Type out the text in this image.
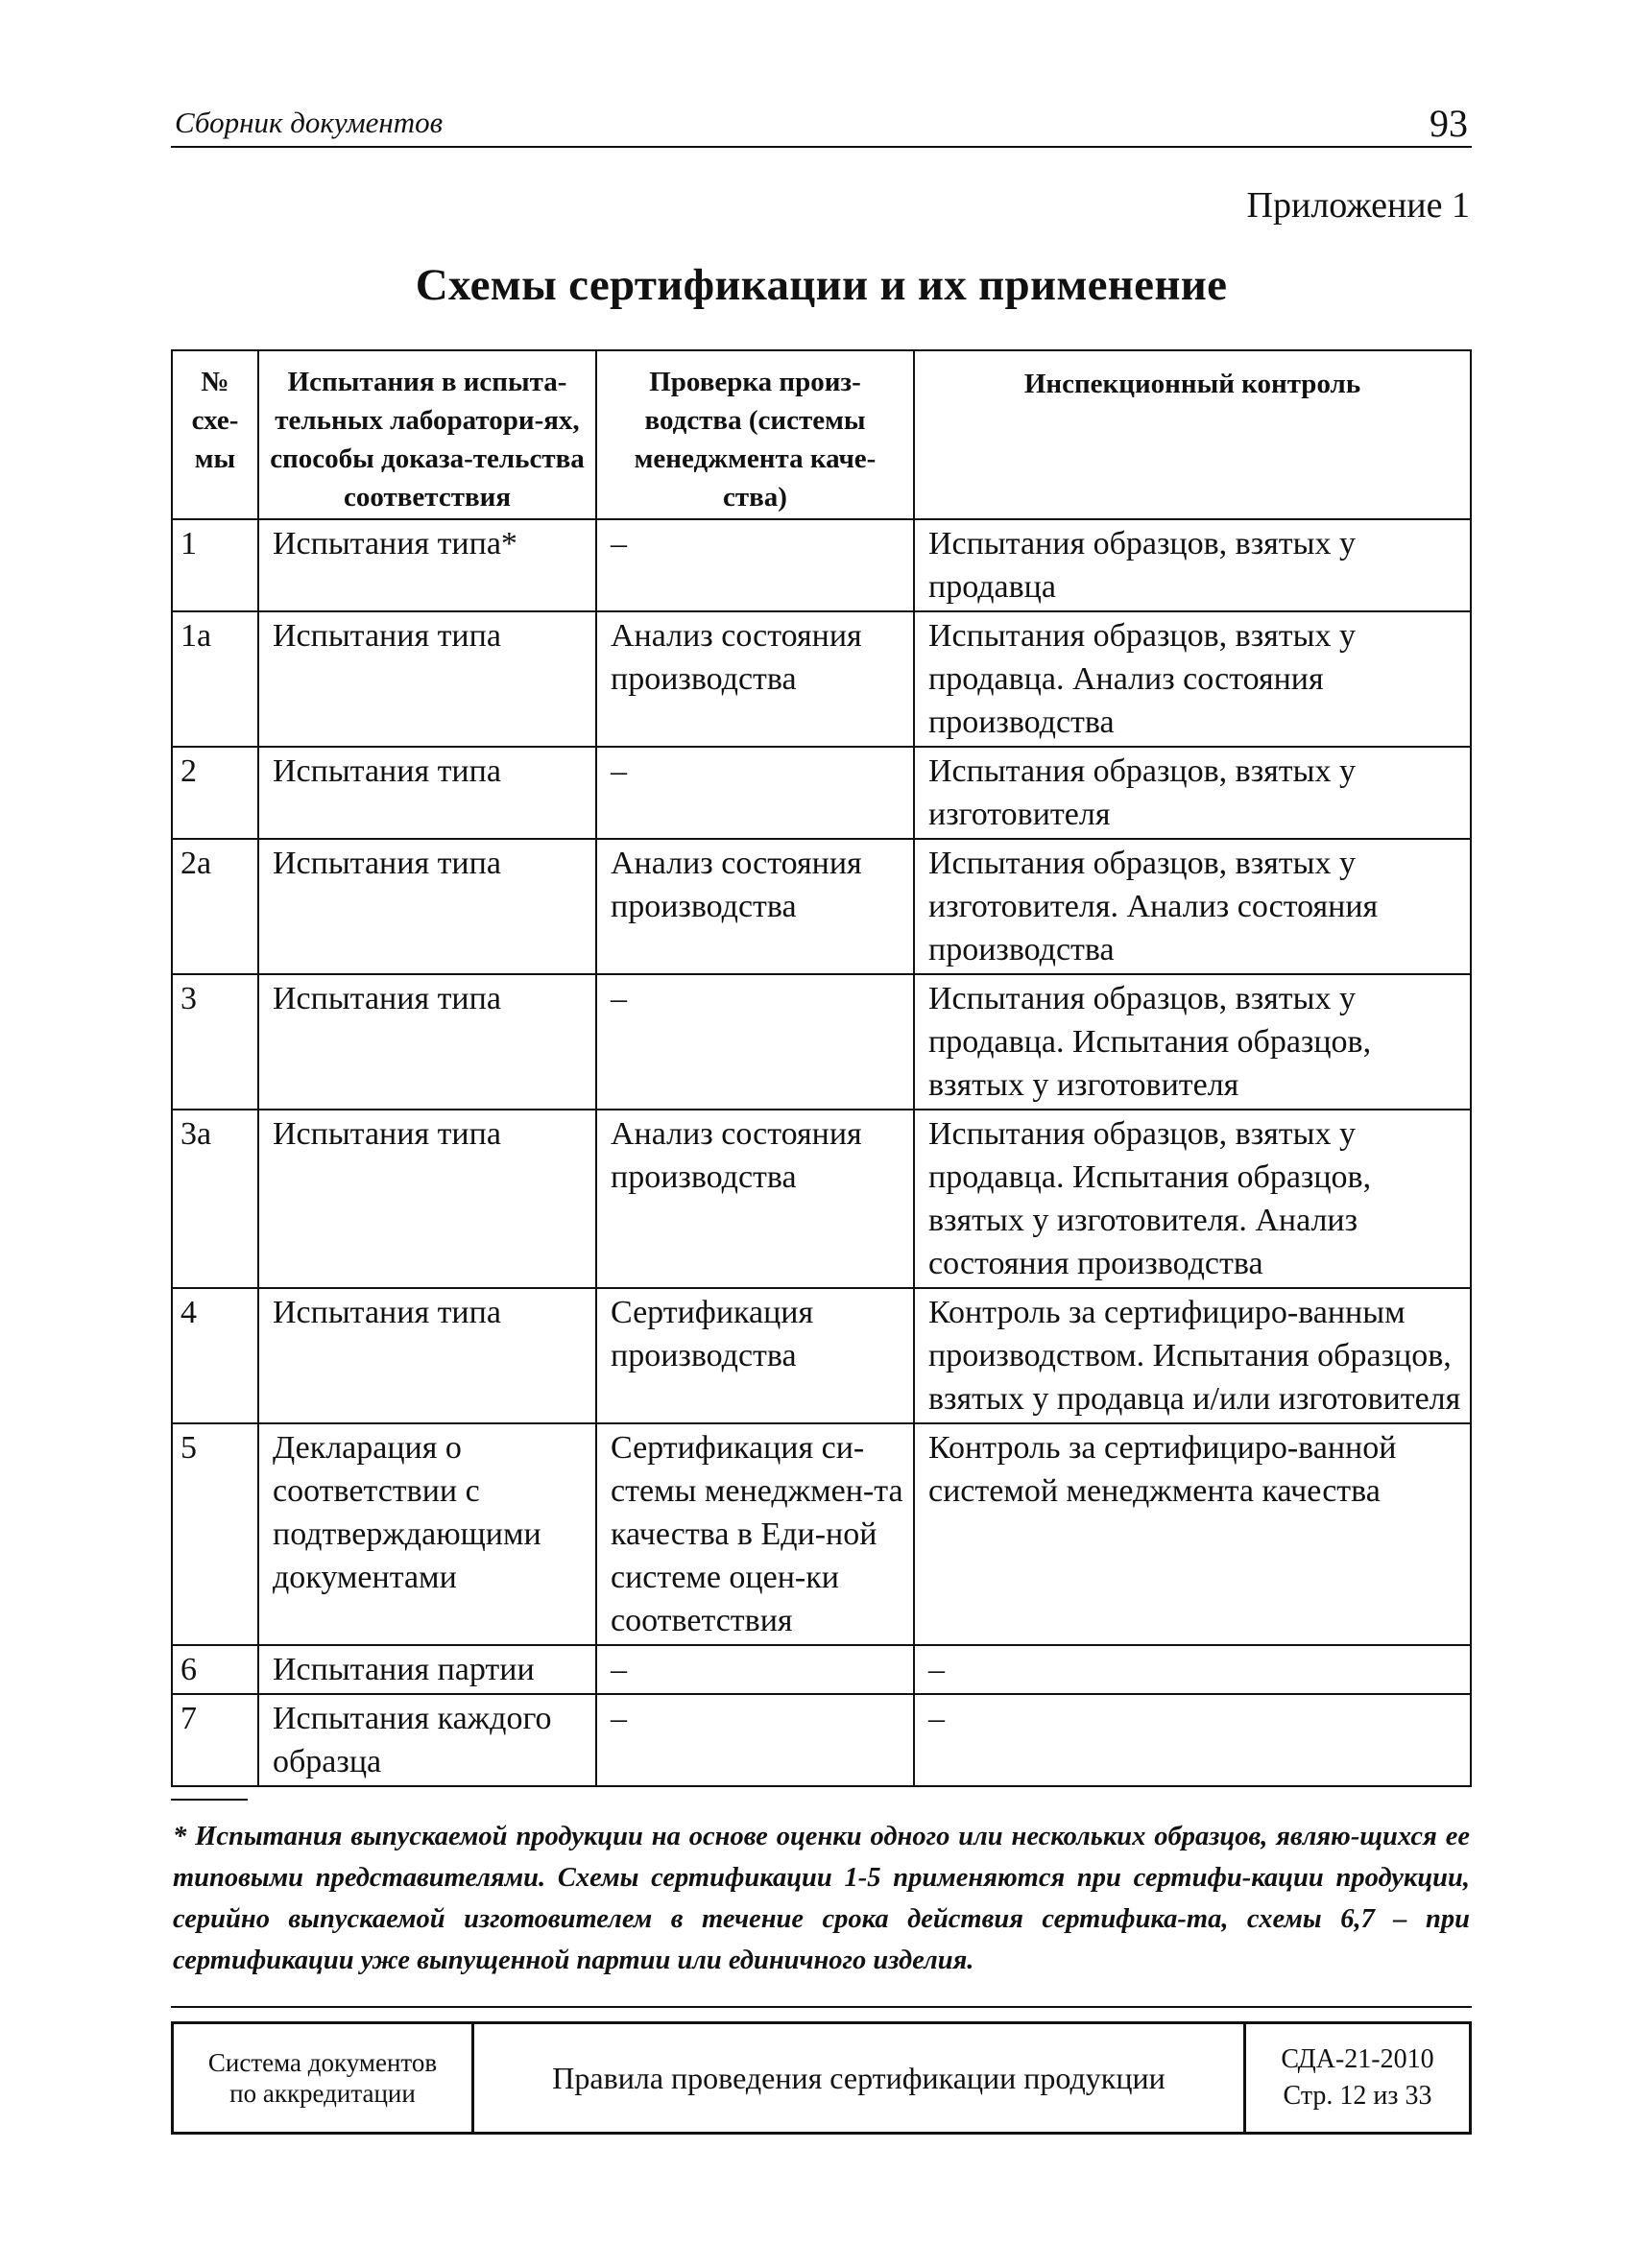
Сборник документов	93
Приложение 1
Схемы сертификации и их применение
№ схе-мы	Испытания в испыта-тельных лаборатори-ях, способы доказа-тельства соответствия	Проверка произ-водства (системы менеджмента каче-ства)	Инспекционный контроль
1	Испытания типа*	–	Испытания образцов, взятых у продавца
1а	Испытания типа	Анализ состояния производства	Испытания образцов, взятых у продавца. Анализ состояния производства
2	Испытания типа	–	Испытания образцов, взятых у изготовителя
2а	Испытания типа	Анализ состояния производства	Испытания образцов, взятых у изготовителя. Анализ состояния производства
3	Испытания типа	–	Испытания образцов, взятых у продавца. Испытания образцов, взятых у изготовителя
3а	Испытания типа	Анализ состояния производства	Испытания образцов, взятых у продавца. Испытания образцов, взятых у изготовителя. Анализ состояния производства
4	Испытания типа	Сертификация производства	Контроль за сертифициро-ванным производством. Испытания образцов, взятых у продавца и/или изготовителя
5	Декларация о соответствии с подтверждающими документами	Сертификация си-стемы менеджмен-та качества в Еди-ной системе оцен-ки соответствия	Контроль за сертифициро-ванной системой менеджмента качества
6	Испытания партии	–	–
7	Испытания каждого образца	–	–
* Испытания выпускаемой продукции на основе оценки одного или нескольких образцов, являю-щихся ее типовыми представителями. Схемы сертификации 1-5 применяются при сертифи-кации продукции, серийно выпускаемой изготовителем в течение срока действия сертифика-та, схемы 6,7 – при сертификации уже выпущенной партии или единичного изделия.
Система документов
по аккредитации	Правила проведения сертификации продукции	
СДА-21-2010
Стр. 12 из 33
